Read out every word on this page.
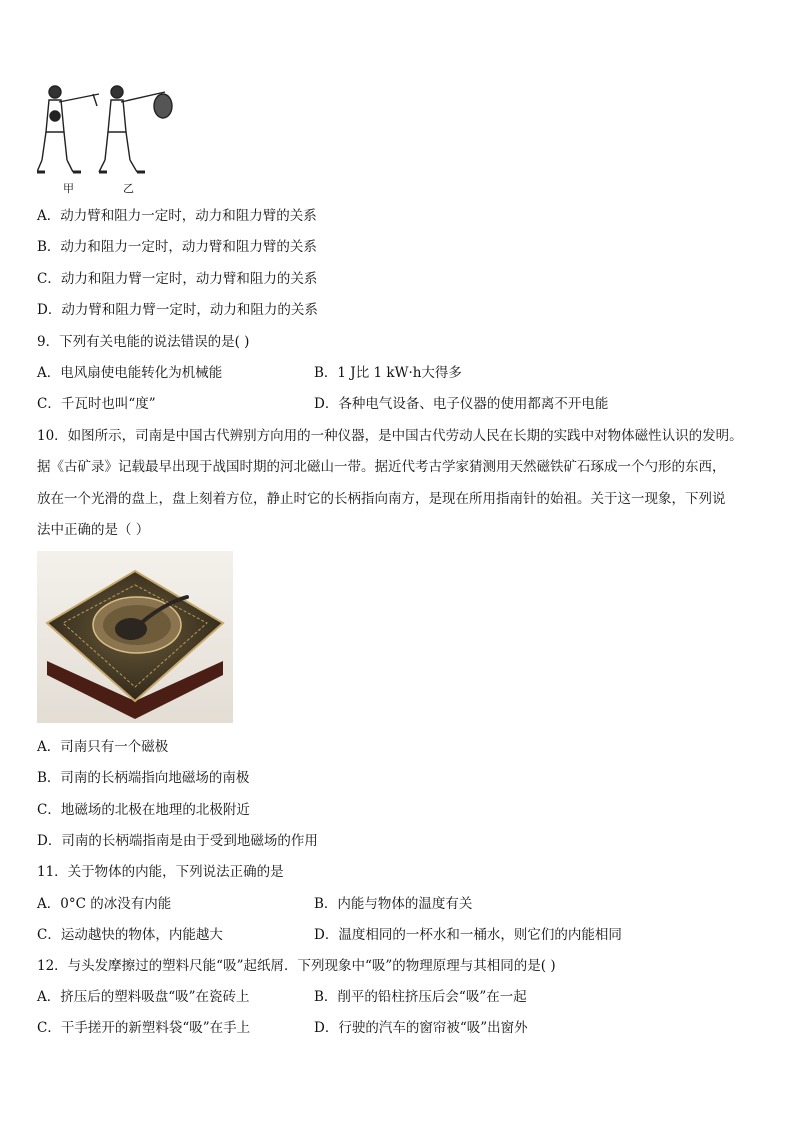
甲	乙
A．动力臂和阻力一定时，动力和阻力臂的关系
B．动力和阻力一定时，动力臂和阻力臂的关系
C．动力和阻力臂一定时，动力臂和阻力的关系
D．动力臂和阻力臂一定时，动力和阻力的关系
9．下列有关电能的说法错误的是( )
A．电风扇使电能转化为机械能	B．1 J比 1 kW·h大得多
C．千瓦时也叫“度”	D．各种电气设备、电子仪器的使用都离不开电能
10．如图所示，司南是中国古代辨别方向用的一种仪器，是中国古代劳动人民在长期的实践中对物体磁性认识的发明。
据《古矿录》记载最早出现于战国时期的河北磁山一带。据近代考古学家猜测用天然磁铁矿石琢成一个勺形的东西，
放在一个光滑的盘上，盘上刻着方位，静止时它的长柄指向南方，是现在所用指南针的始祖。关于这一现象，下列说
法中正确的是（ ）
A．司南只有一个磁极
B．司南的长柄端指向地磁场的南极
C．地磁场的北极在地理的北极附近
D．司南的长柄端指南是由于受到地磁场的作用
11．关于物体的内能，下列说法正确的是
A．0°C 的冰没有内能	B．内能与物体的温度有关
C．运动越快的物体，内能越大	D．温度相同的一杯水和一桶水，则它们的内能相同
12．与头发摩擦过的塑料尺能“吸”起纸屑．下列现象中“吸”的物理原理与其相同的是( )
A．挤压后的塑料吸盘“吸”在瓷砖上	B．削平的铅柱挤压后会“吸”在一起
C．干手搓开的新塑料袋“吸”在手上	D．行驶的汽车的窗帘被“吸”出窗外
